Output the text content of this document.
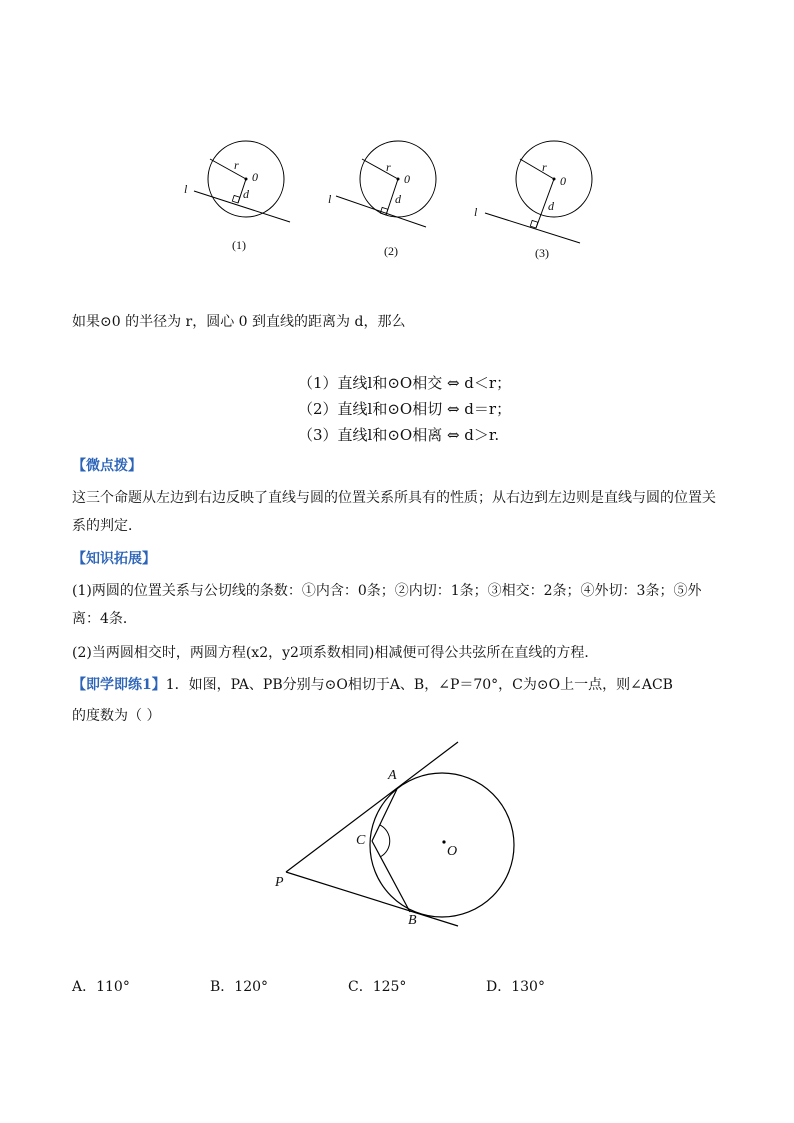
r
0
d
l
(1)
r
0
d
l
(2)
r
0
d
l
(3)
如果⊙0 的半径为 r，圆心 0 到直线的距离为 d，那么
（1）直线l和⊙O相交 ⇔ d＜r；
（2）直线l和⊙O相切 ⇔ d＝r；
（3）直线l和⊙O相离 ⇔ d＞r.
【微点拨】
这三个命题从左边到右边反映了直线与圆的位置关系所具有的性质；从右边到左边则是直线与圆的位置关
系的判定．
【知识拓展】
(1)两圆的位置关系与公切线的条数：①内含：0条；②内切：1条；③相交：2条；④外切：3条；⑤外
离：4条．
(2)当两圆相交时，两圆方程(x2，y2项系数相同)相减便可得公共弦所在直线的方程．
【即学即练1】1．如图，PA、PB分别与⊙O相切于A、B，∠P＝70°，C为⊙O上一点，则∠ACB
的度数为（ ）
A
C
O
P
B
A．110°	B．120°	C．125°	D．130°
